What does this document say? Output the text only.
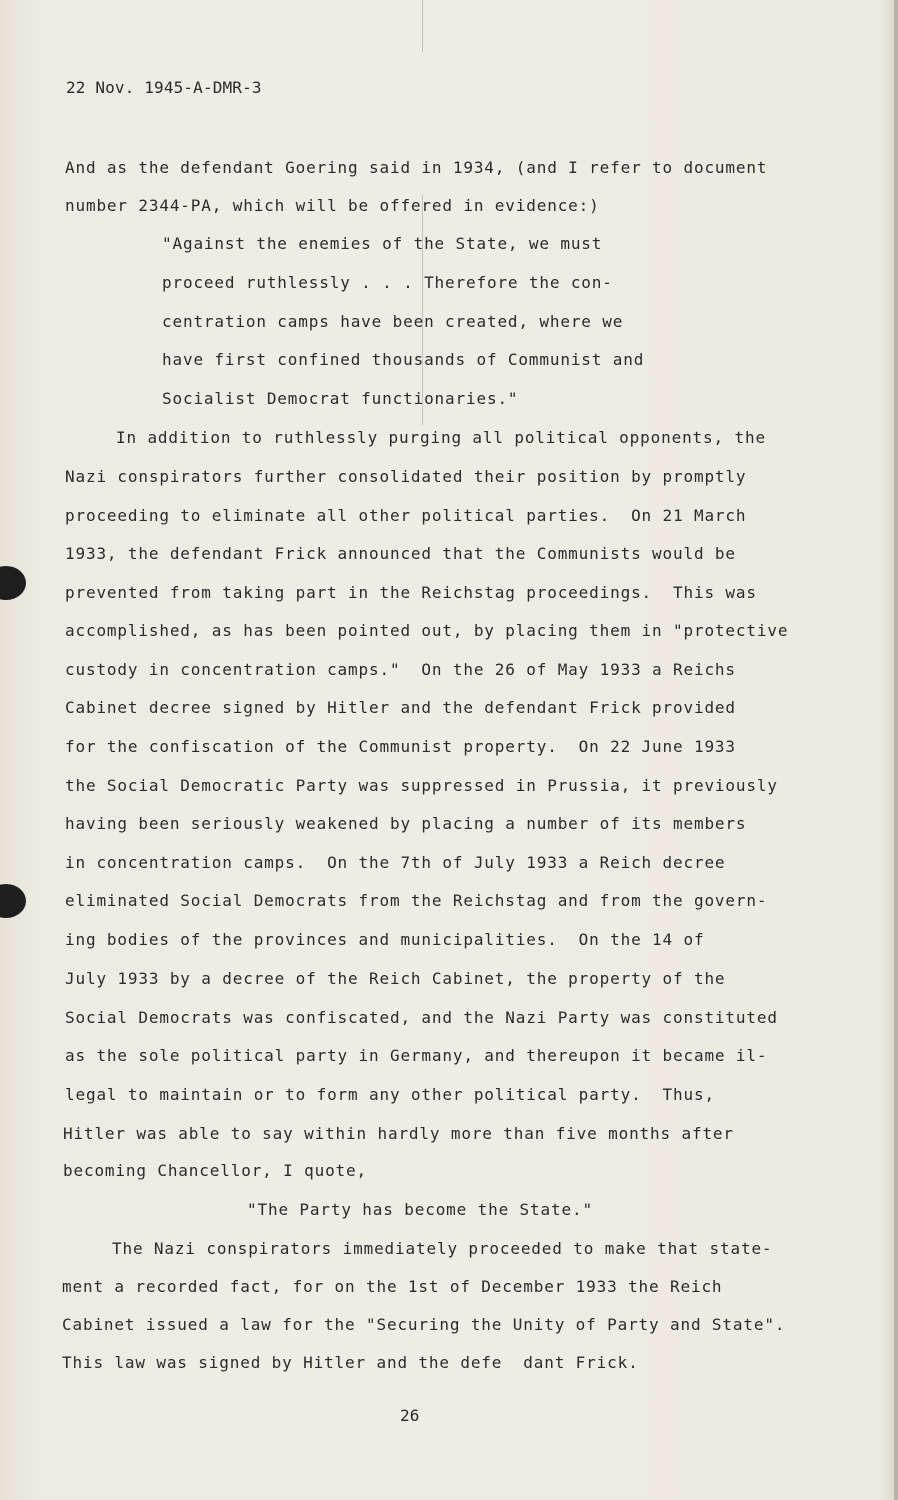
22 Nov. 1945-A-DMR-3
And as the defendant Goering said in 1934, (and I refer to document
number 2344-PA, which will be offered in evidence:)
"Against the enemies of the State, we must
proceed ruthlessly . . . Therefore the con-
centration camps have been created, where we
have first confined thousands of Communist and
Socialist Democrat functionaries."
In addition to ruthlessly purging all political opponents, the
Nazi conspirators further consolidated their position by promptly
proceeding to eliminate all other political parties.  On 21 March
1933, the defendant Frick announced that the Communists would be
prevented from taking part in the Reichstag proceedings.  This was
accomplished, as has been pointed out, by placing them in "protective
custody in concentration camps."  On the 26 of May 1933 a Reichs
Cabinet decree signed by Hitler and the defendant Frick provided
for the confiscation of the Communist property.  On 22 June 1933
the Social Democratic Party was suppressed in Prussia, it previously
having been seriously weakened by placing a number of its members
in concentration camps.  On the 7th of July 1933 a Reich decree
eliminated Social Democrats from the Reichstag and from the govern-
ing bodies of the provinces and municipalities.  On the 14 of
July 1933 by a decree of the Reich Cabinet, the property of the
Social Democrats was confiscated, and the Nazi Party was constituted
as the sole political party in Germany, and thereupon it became il-
legal to maintain or to form any other political party.  Thus,
Hitler was able to say within hardly more than five months after
becoming Chancellor, I quote,
"The Party has become the State."
The Nazi conspirators immediately proceeded to make that state-
ment a recorded fact, for on the 1st of December 1933 the Reich
Cabinet issued a law for the "Securing the Unity of Party and State".
This law was signed by Hitler and the defe  dant Frick.
26
